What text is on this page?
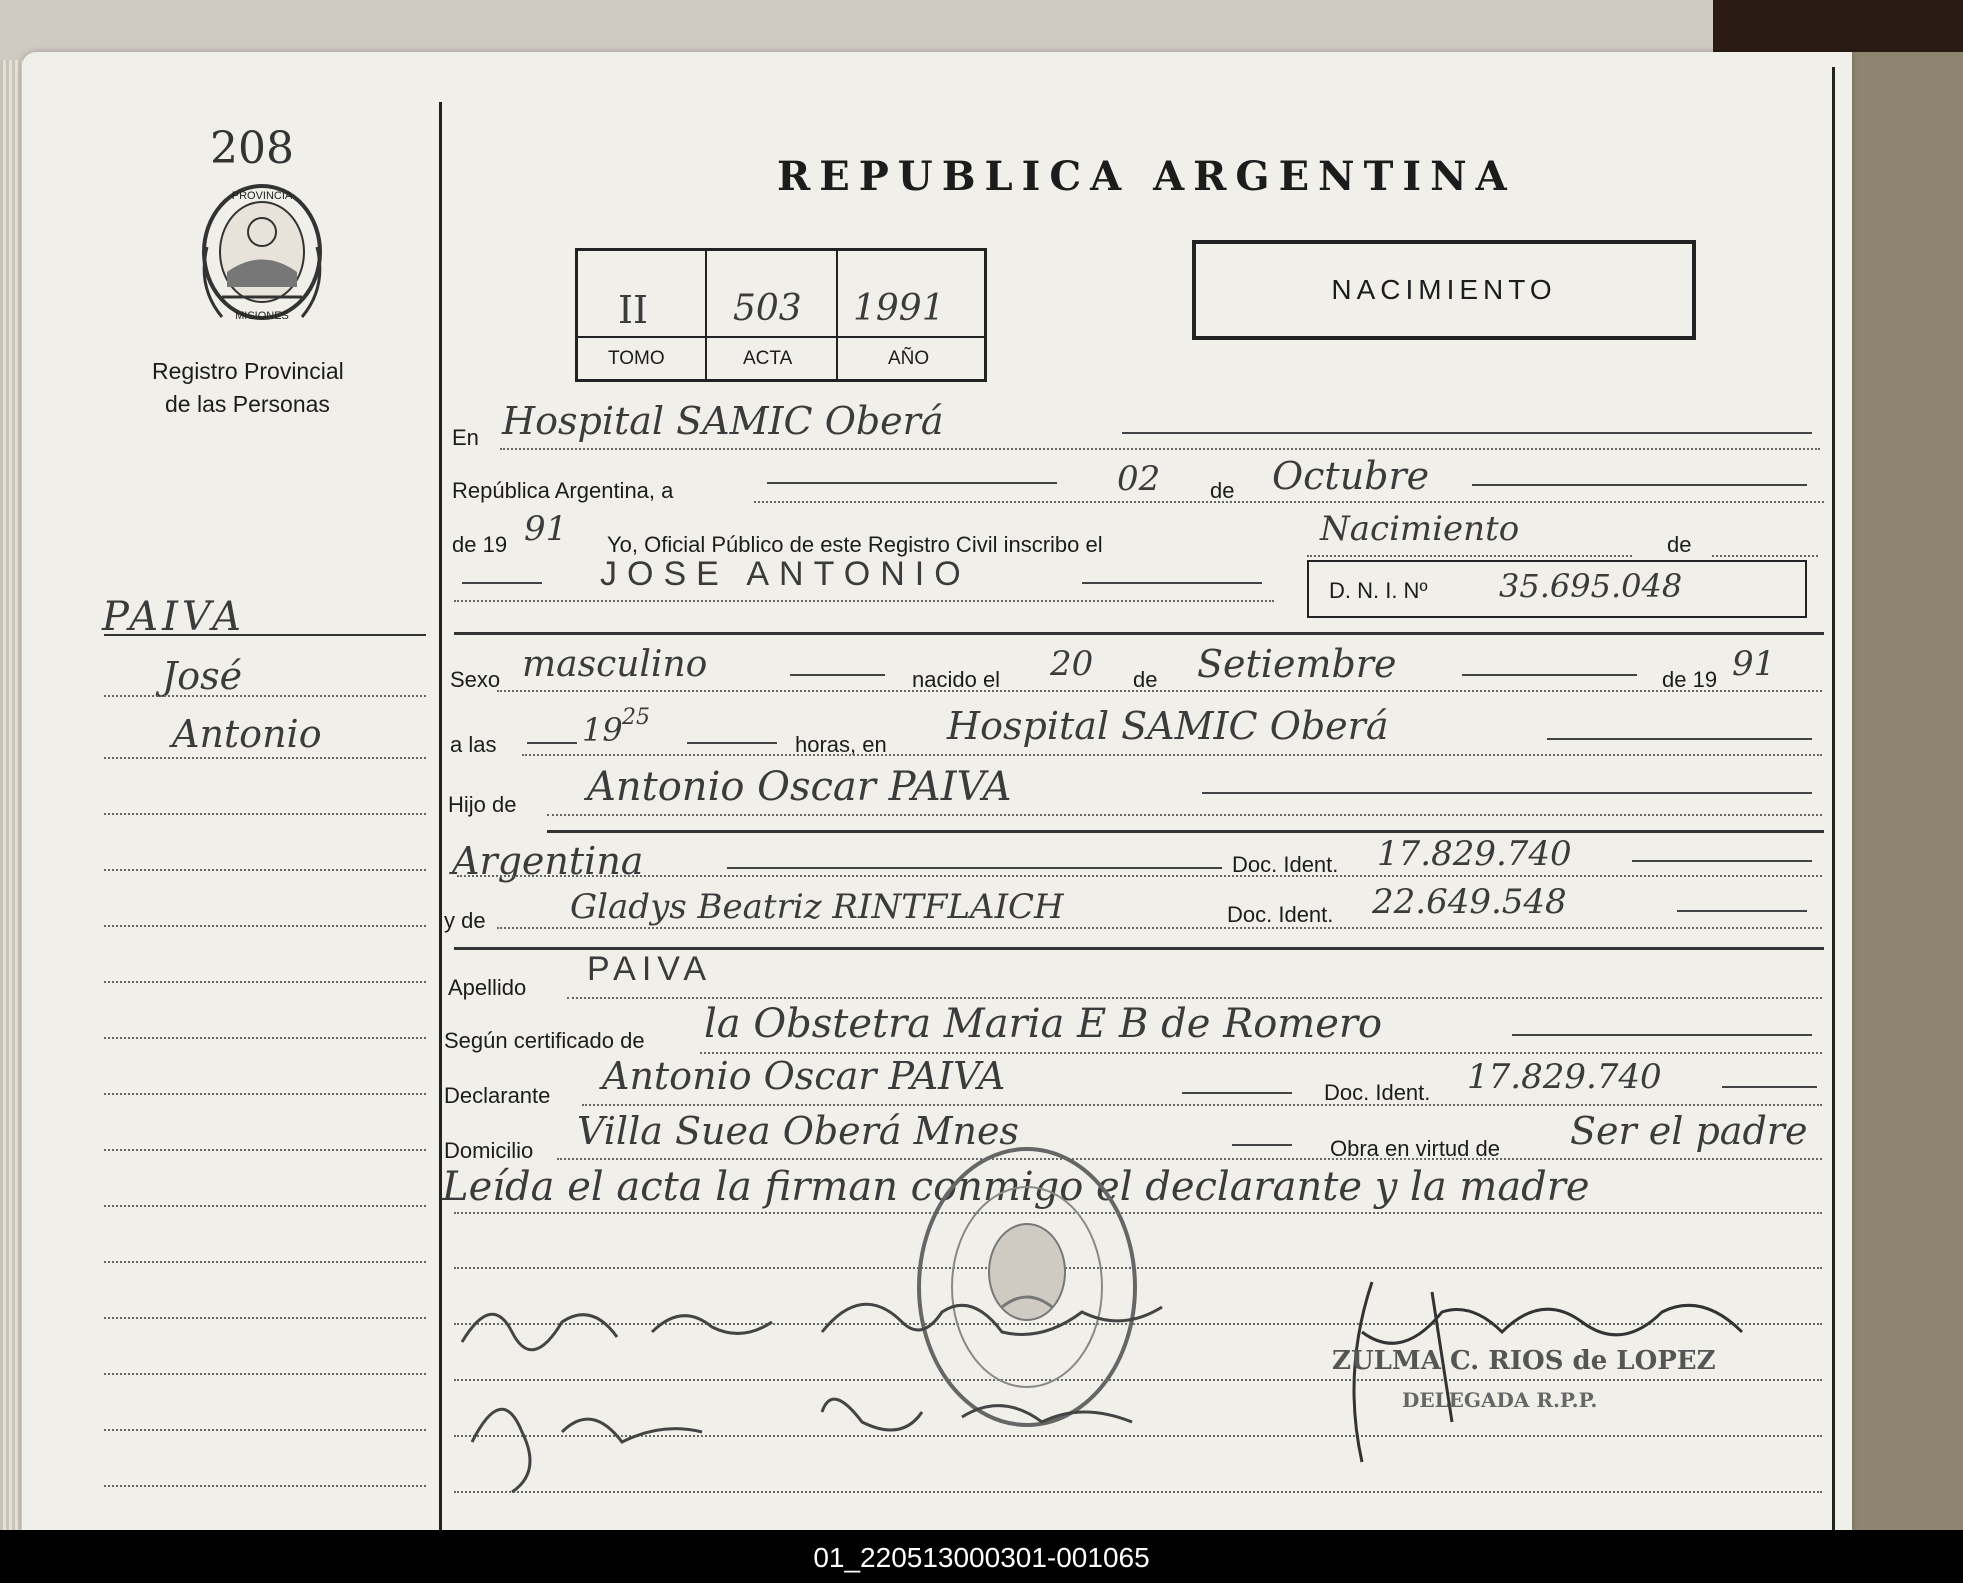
208
PROVINCIA
MISIONES
Registro Provincial
de las Personas
PAIVA
José
Antonio
REPUBLICA ARGENTINA
II 503 1991
TOMO	ACTA	AÑO
NACIMIENTO
En Hospital SAMIC Oberá
República Argentina, a	02 de Octubre
de 19 91 Yo, Oficial Público de este Registro Civil inscribo el	Nacimiento	de
JOSE ANTONIO	D. N. I. Nº 35.695.048
Sexo masculino	nacido el 20 de Setiembre	de 19 91
a las	19 25
horas, en Hospital SAMIC Oberá
Hijo de Antonio Oscar PAIVA
Argentina	Doc. Ident. 17.829.740
y de Gladys Beatriz RINTFLAICH	Doc. Ident. 22.649.548
Apellido PAIVA
Según certificado de la Obstetra Maria E B de Romero
Declarante Antonio Oscar PAIVA	Doc. Ident. 17.829.740
Domicilio Villa Suea Oberá Mnes	Obra en virtud de Ser el padre
Leída el acta la firman conmigo el declarante y la madre
ZULMA C. RIOS de LOPEZ
DELEGADA R.P.P.
01_220513000301-001065
